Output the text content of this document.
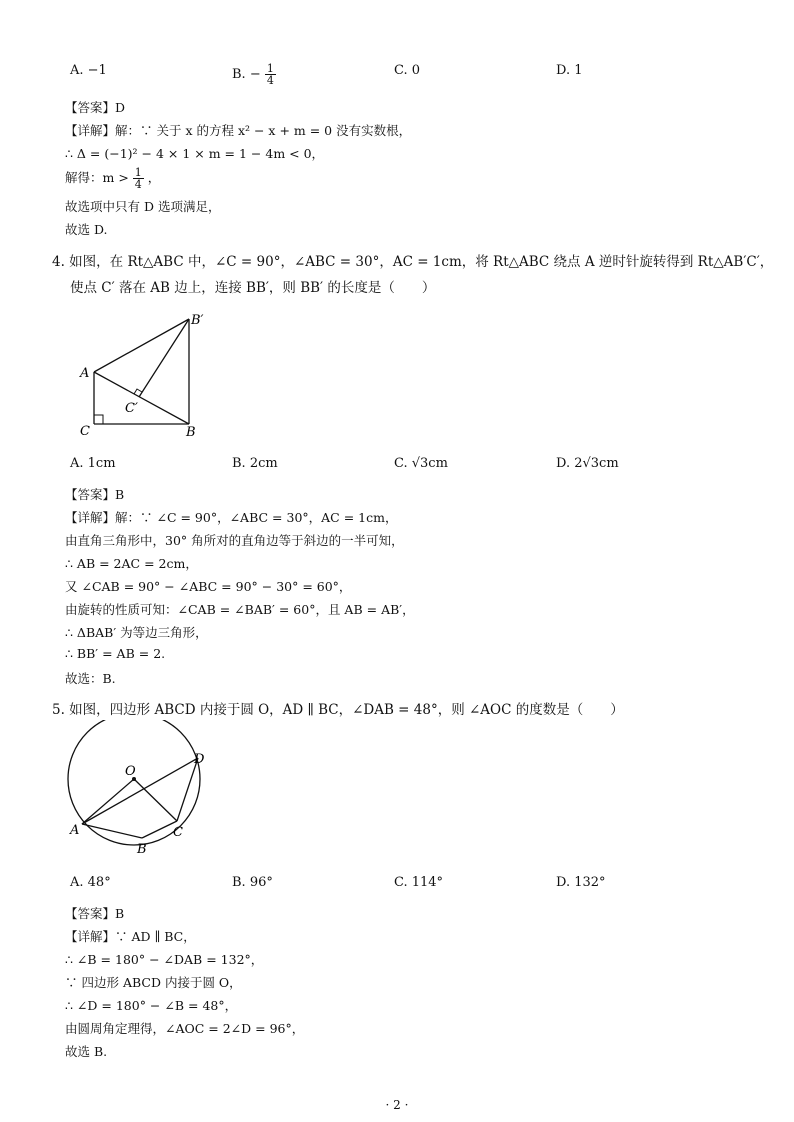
A. −1	B. − $\frac{1}{4}$	C. 0	D. 1
【答案】D
【详解】解：∵ 关于 x 的方程 x² − x + m = 0 没有实数根，
∴ Δ = (−1)² − 4 × 1 × m = 1 − 4m < 0，
解得：$m > \frac{1}{4}$ ，
故选项中只有 D 选项满足，
故选 D.
4. 如图，在 Rt△ABC 中，∠C = 90°，∠ABC = 30°，AC = 1cm，将 Rt△ABC 绕点 A 逆时针旋转得到 Rt△AB′C′，
使点 C′ 落在 AB 边上，连接 BB′，则 BB′ 的长度是（　　）
A
C	B
B′
C′
A. 1cm	B. 2cm	C. √3cm	D. 2√3cm
【答案】B
【详解】解：∵ ∠C = 90°，∠ABC = 30°，AC = 1cm，
由直角三角形中，30° 角所对的直角边等于斜边的一半可知，
∴ AB = 2AC = 2cm，
又 ∠CAB = 90° − ∠ABC = 90° − 30° = 60°，
由旋转的性质可知：∠CAB = ∠BAB′ = 60°，且 AB = AB′，
∴ ΔBAB′ 为等边三角形，
∴ BB′ = AB = 2.
故选：B.
5. 如图，四边形 ABCD 内接于圆 O，AD ∥ BC，∠DAB = 48°，则 ∠AOC 的度数是（　　）
O
D
A
B
C
A. 48°	B. 96°	C. 114°	D. 132°
【答案】B
【详解】∵ AD ∥ BC，
∴ ∠B = 180° − ∠DAB = 132°，
∵ 四边形 ABCD 内接于圆 O，
∴ ∠D = 180° − ∠B = 48°，
由圆周角定理得，∠AOC = 2∠D = 96°，
故选 B.
· 2 ·
